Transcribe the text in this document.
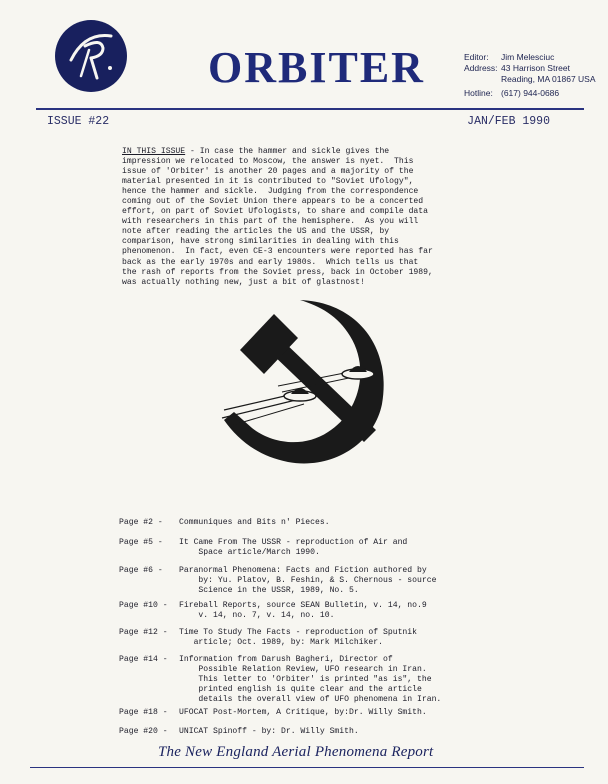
ORBITER	Editor:	Jim Melesciuc
Address: 43 Harrison Street
Reading, MA 01867 USA
Hotline: (617) 944-0686
ISSUE #22	JAN/FEB 1990
IN THIS ISSUE - In case the hammer and sickle gives the
impression we relocated to Moscow, the answer is nyet.  This
issue of 'Orbiter' is another 20 pages and a majority of the
material presented in it is contributed to "Soviet Ufology",
hence the hammer and sickle.  Judging from the correspondence
coming out of the Soviet Union there appears to be a concerted
effort, on part of Soviet Ufologists, to share and compile data
with researchers in this part of the hemisphere.  As you will
note after reading the articles the US and the USSR, by
comparison, have strong similarities in dealing with this
phenomenon.  In fact, even CE-3 encounters were reported has far
back as the early 1970s and early 1980s.  Which tells us that
the rash of reports from the Soviet press, back in October 1989,
was actually nothing new, just a bit of glastnost!
Page #2 -	Communiques and Bits n' Pieces.
Page #5 -	It Came From The USSR - reproduction of Air and
Space article/March 1990.
Page #6 -	Paranormal Phenomena: Facts and Fiction authored by
by: Yu. Platov, B. Feshin, & S. Chernous - source
Science in the USSR, 1989, No. 5.
Page #10 -	Fireball Reports, source SEAN Bulletin, v. 14, no.9
v. 14, no. 7, v. 14, no. 10.
Page #12 -	Time To Study The Facts - reproduction of Sputnik
article; Oct. 1989, by: Mark Milchiker.
Page #14 -	Information from Darush Bagheri, Director of
Possible Relation Review, UFO research in Iran.
This letter to 'Orbiter' is printed "as is", the
printed english is quite clear and the article
details the overall view of UFO phenomena in Iran.
Page #18 -	UFOCAT Post-Mortem, A Critique, by:Dr. Willy Smith.
Page #20 -	UNICAT Spinoff - by: Dr. Willy Smith.
The New England Aerial Phenomena Report
